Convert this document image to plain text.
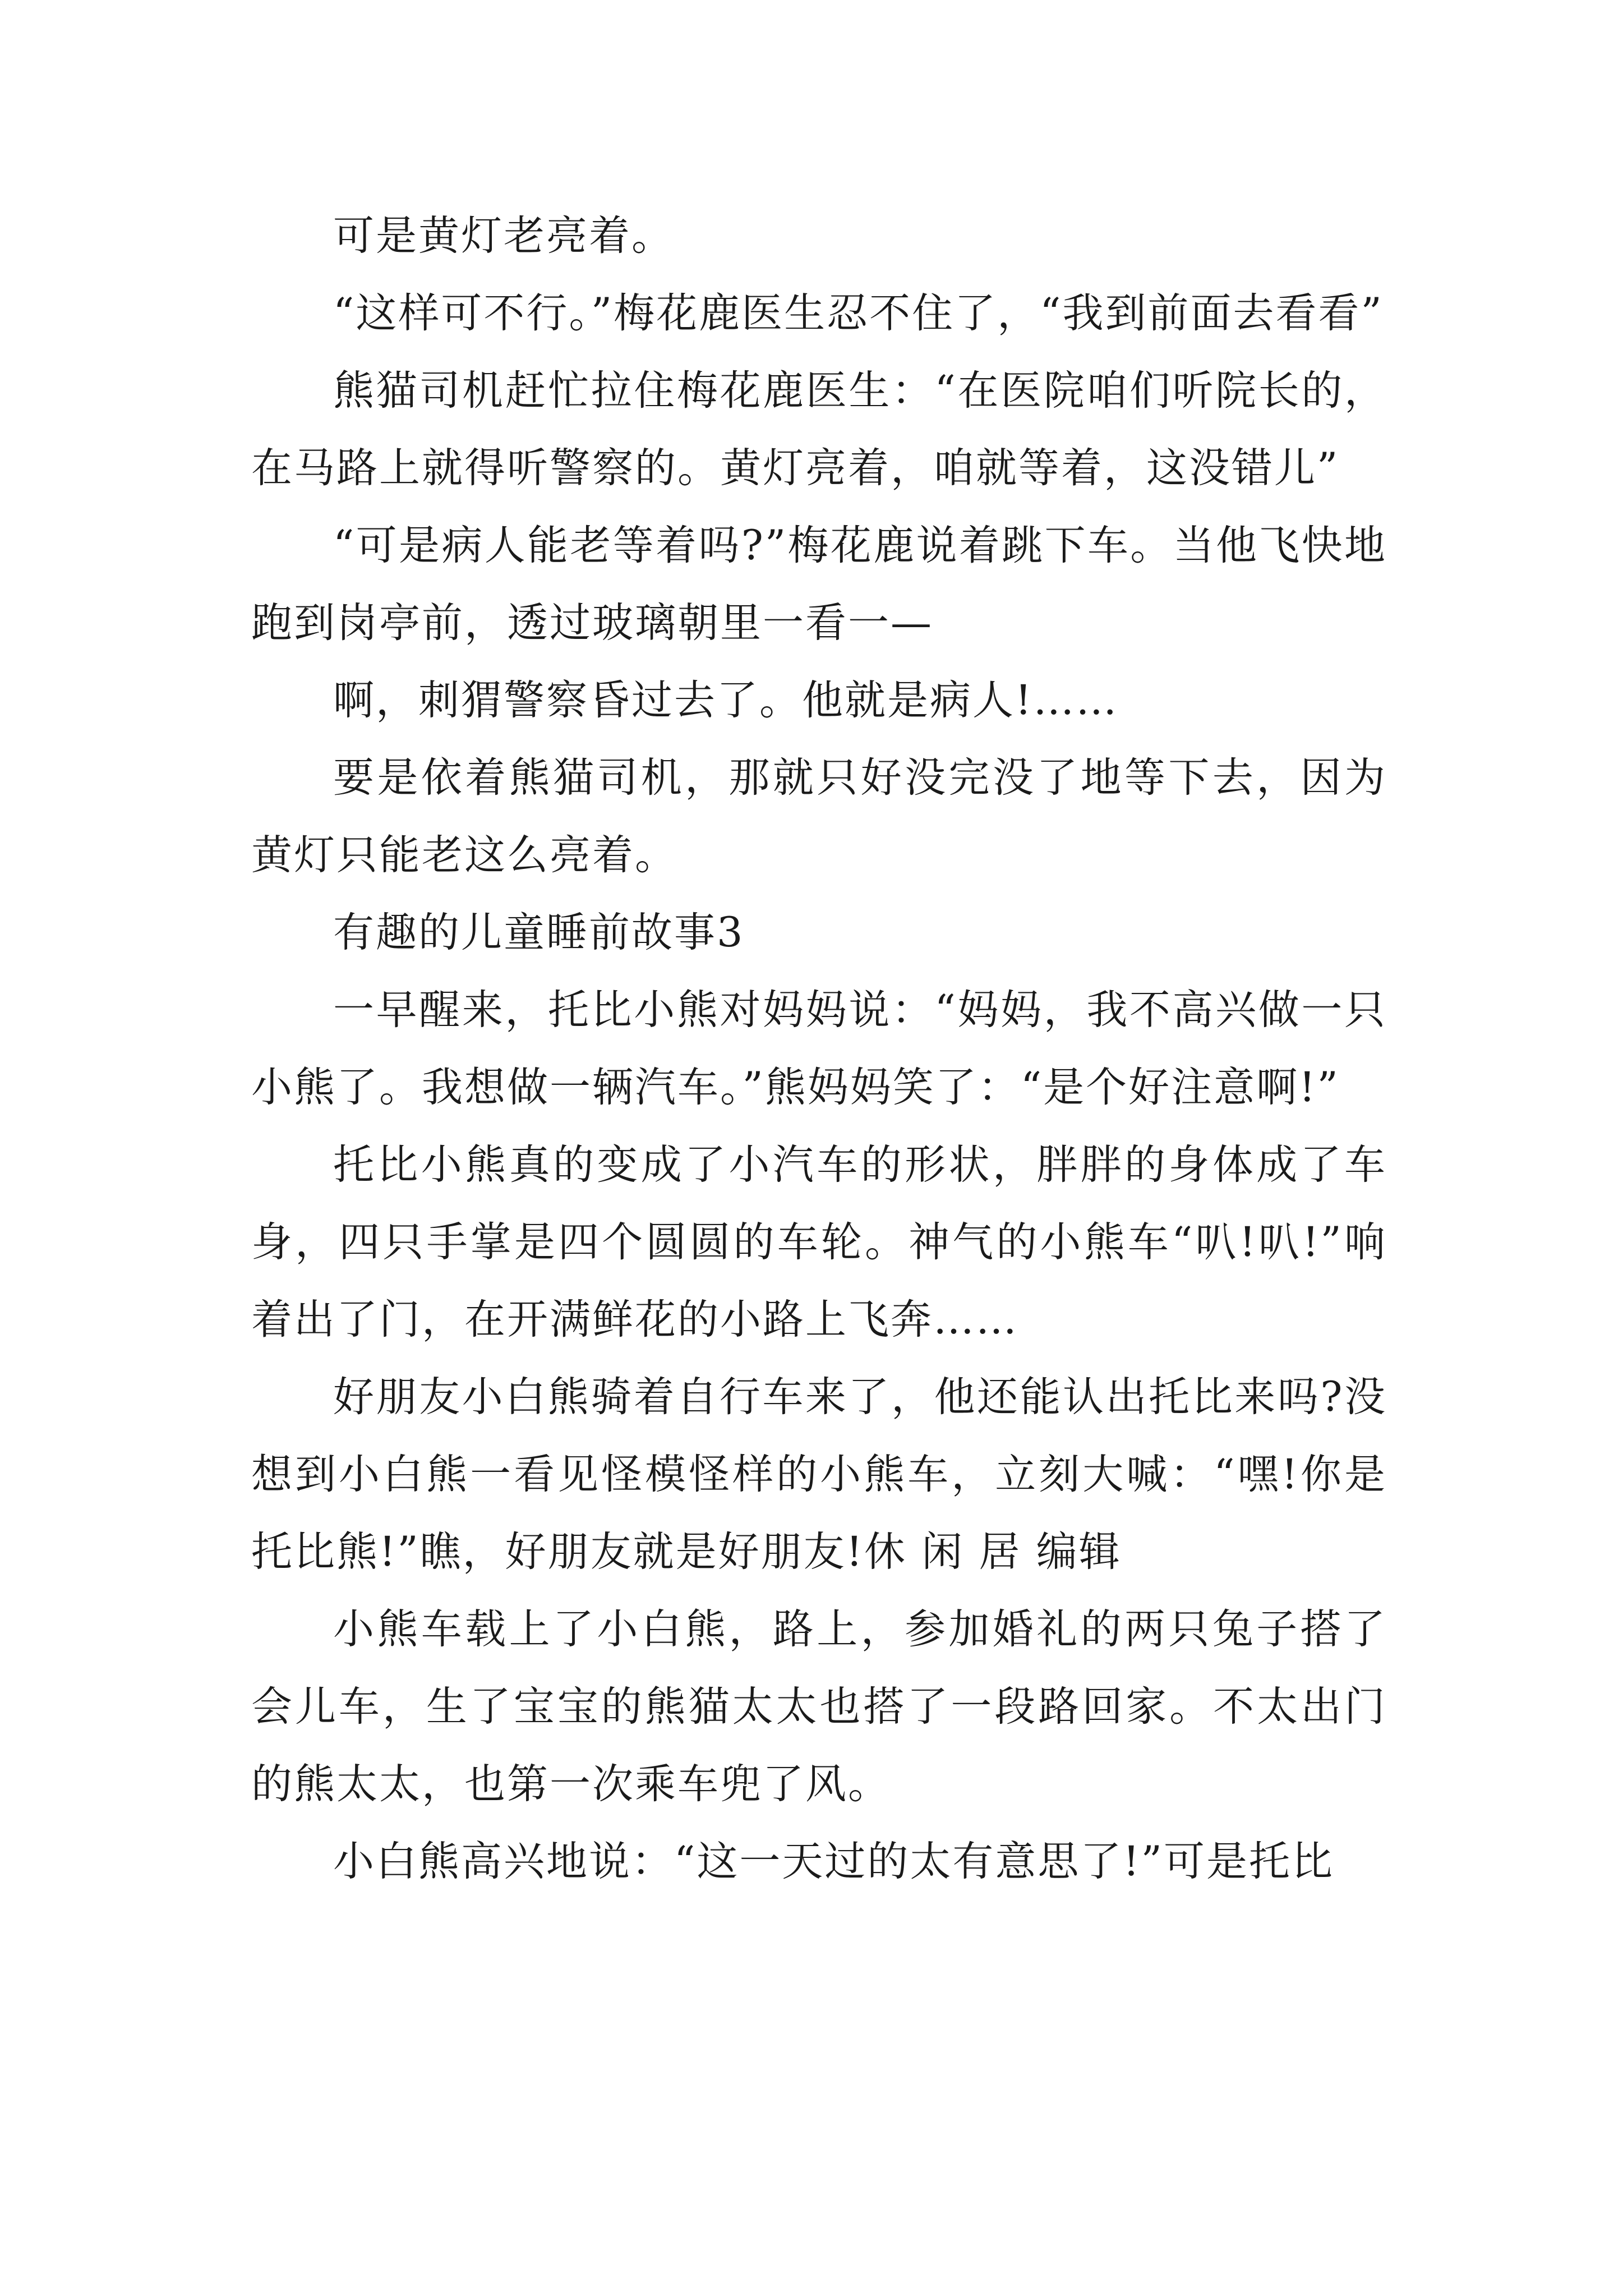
可是黄灯老亮着。

“这样可不行。”梅花鹿医生忍不住了，“我到前面去看看”

熊猫司机赶忙拉住梅花鹿医生：“在医院咱们听院长的，在马路上就得听警察的。黄灯亮着，咱就等着，这没错儿”

“可是病人能老等着吗?”梅花鹿说着跳下车。当他飞快地跑到岗亭前，透过玻璃朝里一看一—

啊，刺猬警察昏过去了。他就是病人!……

要是依着熊猫司机，那就只好没完没了地等下去，因为黄灯只能老这么亮着。

有趣的儿童睡前故事3

一早醒来，托比小熊对妈妈说：“妈妈，我不高兴做一只小熊了。我想做一辆汽车。”熊妈妈笑了：“是个好注意啊!”

托比小熊真的变成了小汽车的形状，胖胖的身体成了车身，四只手掌是四个圆圆的车轮。神气的小熊车“叭!叭!”响着出了门，在开满鲜花的小路上飞奔……

好朋友小白熊骑着自行车来了，他还能认出托比来吗?没想到小白熊一看见怪模怪样的小熊车，立刻大喊：“嘿!你是托比熊!”瞧，好朋友就是好朋友!休 闲 居 编辑

小熊车载上了小白熊，路上，参加婚礼的两只兔子搭了会儿车，生了宝宝的熊猫太太也搭了一段路回家。不太出门的熊太太，也第一次乘车兜了风。

小白熊高兴地说：“这一天过的太有意思了!”可是托比
